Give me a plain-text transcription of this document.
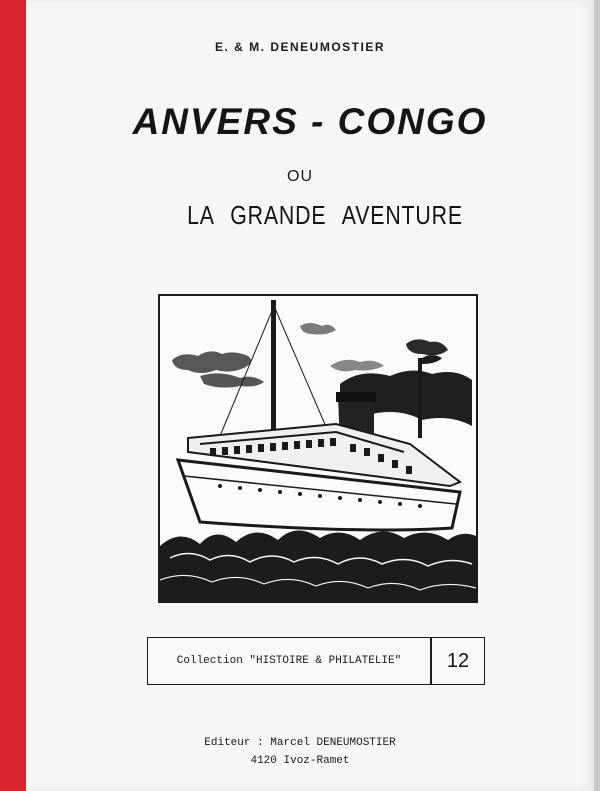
E. & M. DENEUMOSTIER
ANVERS - CONGO
OU
LA GRANDE AVENTURE
Collection "HISTOIRE & PHILATELIE"	12
Editeur : Marcel DENEUMOSTIER
4120 Ivoz-Ramet
